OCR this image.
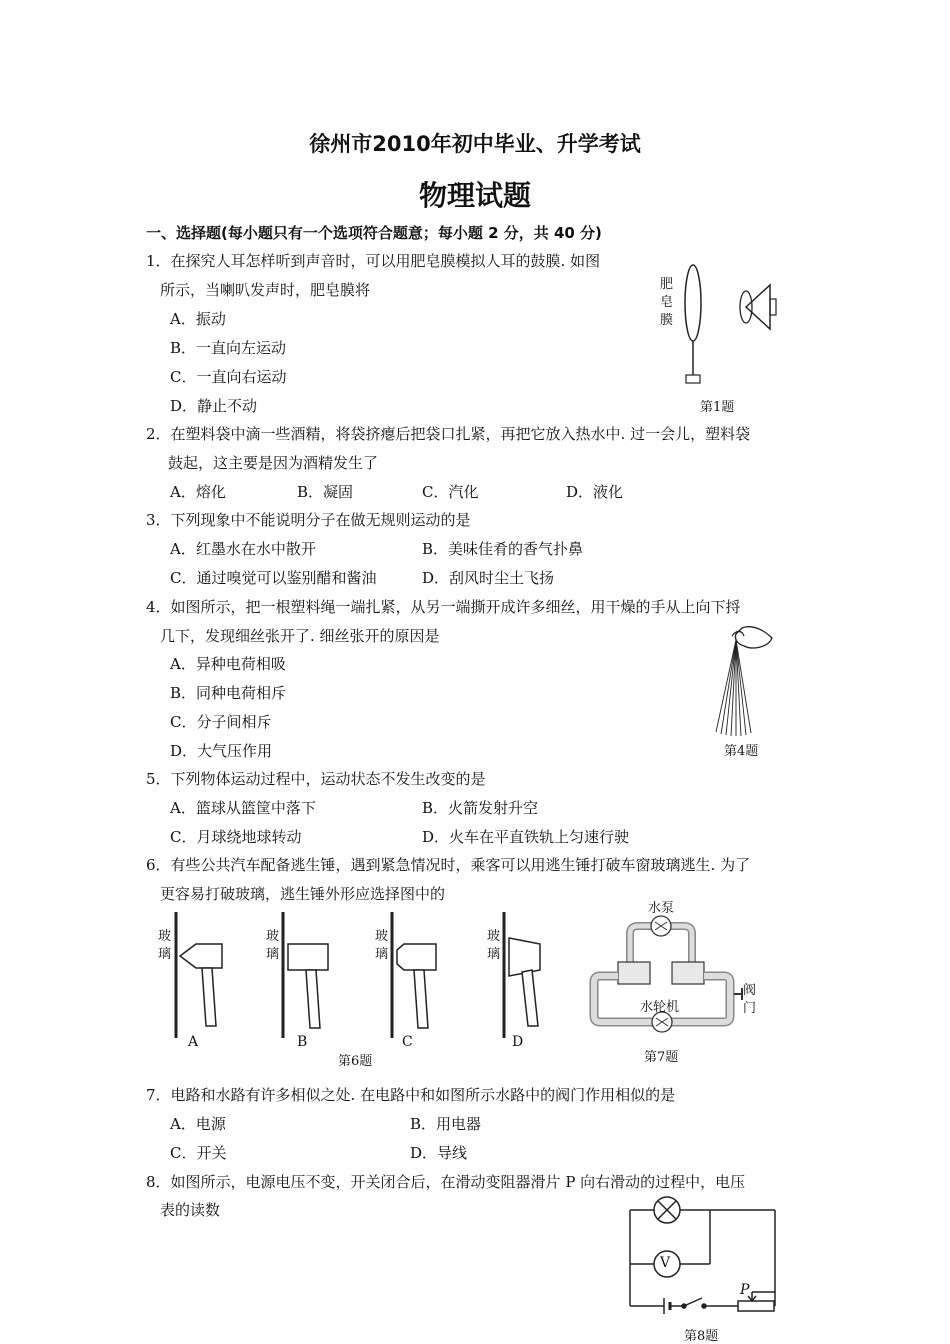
徐州市2010年初中毕业、升学考试
物理试题
一、选择题(每小题只有一个选项符合题意；每小题 2 分，共 40 分)
1．在探究人耳怎样听到声音时，可以用肥皂膜模拟人耳的鼓膜. 如图
所示，当喇叭发声时，肥皂膜将
A．振动
B．一直向左运动
C．一直向右运动
D．静止不动
肥皂膜
第1题
2．在塑料袋中滴一些酒精，将袋挤瘪后把袋口扎紧，再把它放入热水中. 过一会儿，塑料袋
鼓起，这主要是因为酒精发生了
A．熔化	B．凝固	C．汽化	D．液化
3．下列现象中不能说明分子在做无规则运动的是
A．红墨水在水中散开	B．美味佳肴的香气扑鼻
C．通过嗅觉可以鉴别醋和酱油	D．刮风时尘土飞扬
4．如图所示，把一根塑料绳一端扎紧，从另一端撕开成许多细丝，用干燥的手从上向下捋
几下，发现细丝张开了. 细丝张开的原因是
A．异种电荷相吸
B．同种电荷相斥
C．分子间相斥
D．大气压作用	第4题
5．下列物体运动过程中，运动状态不发生改变的是
A．篮球从篮筐中落下	B．火箭发射升空
C．月球绕地球转动	D．火车在平直铁轨上匀速行驶
6．有些公共汽车配备逃生锤，遇到紧急情况时，乘客可以用逃生锤打破车窗玻璃逃生. 为了
更容易打破玻璃，逃生锤外形应选择图中的
玻璃
玻璃
玻璃
玻璃
A	B	C	D
第6题
水泵
水轮机
阀门
第7题
7．电路和水路有许多相似之处. 在电路中和如图所示水路中的阀门作用相似的是
A．电源	B．用电器
C．开关	D．导线
8．如图所示，电源电压不变，开关闭合后，在滑动变阻器滑片 P 向右滑动的过程中，电压
表的读数
V
P
第8题
